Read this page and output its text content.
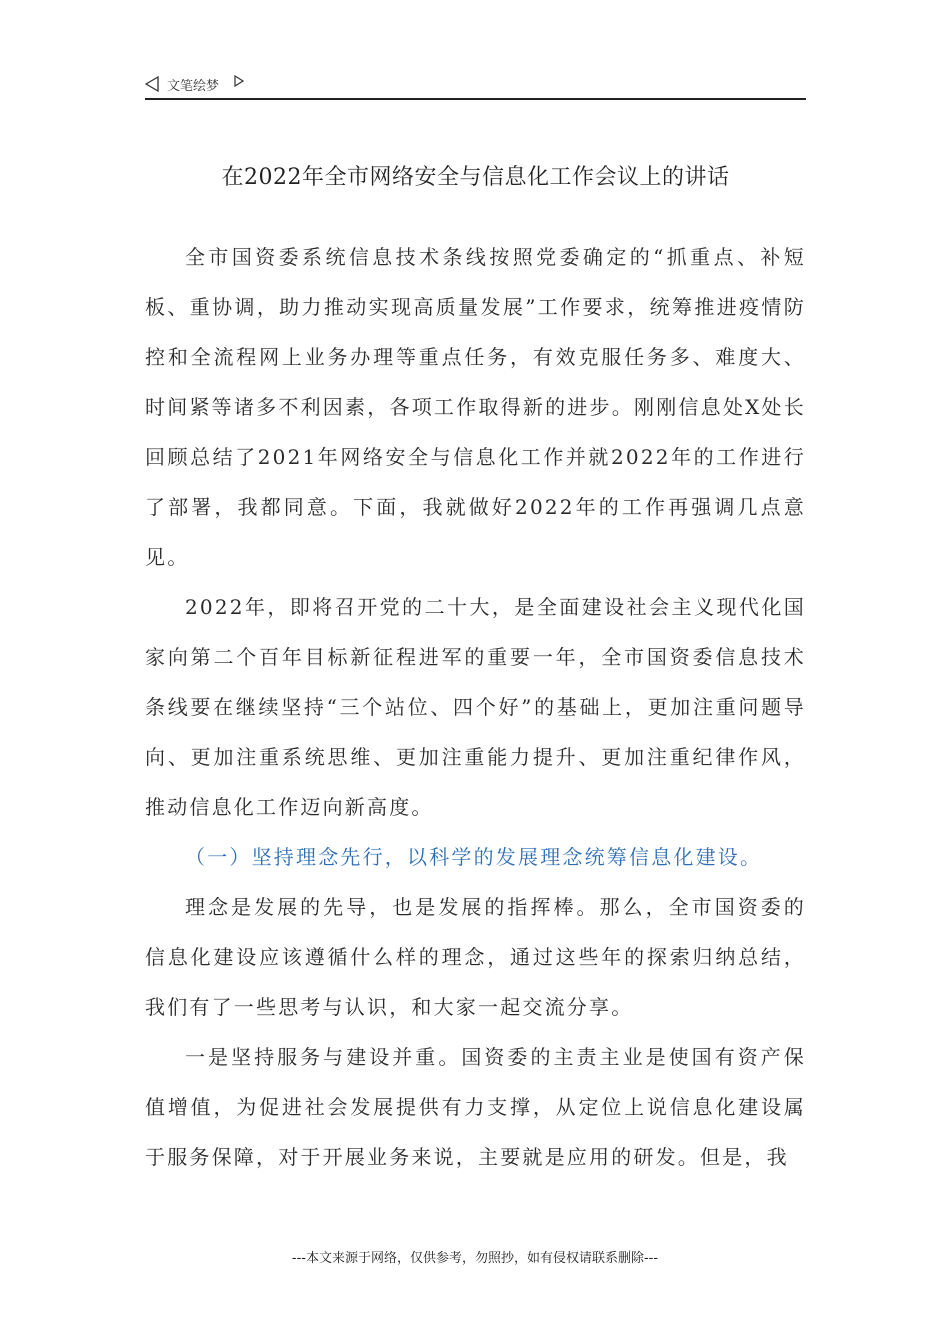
文笔绘梦
在2022年全市网络安全与信息化工作会议上的讲话

全市国资委系统信息技术条线按照党委确定的“抓重点、补短板、重协调，助力推动实现高质量发展”工作要求，统筹推进疫情防控和全流程网上业务办理等重点任务，有效克服任务多、难度大、时间紧等诸多不利因素，各项工作取得新的进步。刚刚信息处X处长回顾总结了2021年网络安全与信息化工作并就2022年的工作进行了部署，我都同意。下面，我就做好2022年的工作再强调几点意见。

2022年，即将召开党的二十大，是全面建设社会主义现代化国家向第二个百年目标新征程进军的重要一年，全市国资委信息技术条线要在继续坚持“三个站位、四个好”的基础上，更加注重问题导向、更加注重系统思维、更加注重能力提升、更加注重纪律作风，推动信息化工作迈向新高度。

（一）坚持理念先行，以科学的发展理念统筹信息化建设。

理念是发展的先导，也是发展的指挥棒。那么，全市国资委的信息化建设应该遵循什么样的理念，通过这些年的探索归纳总结，我们有了一些思考与认识，和大家一起交流分享。

一是坚持服务与建设并重。国资委的主责主业是使国有资产保值增值，为促进社会发展提供有力支撑，从定位上说信息化建设属于服务保障，对于开展业务来说，主要就是应用的研发。但是，我

---本文来源于网络，仅供参考，勿照抄，如有侵权请联系删除---
